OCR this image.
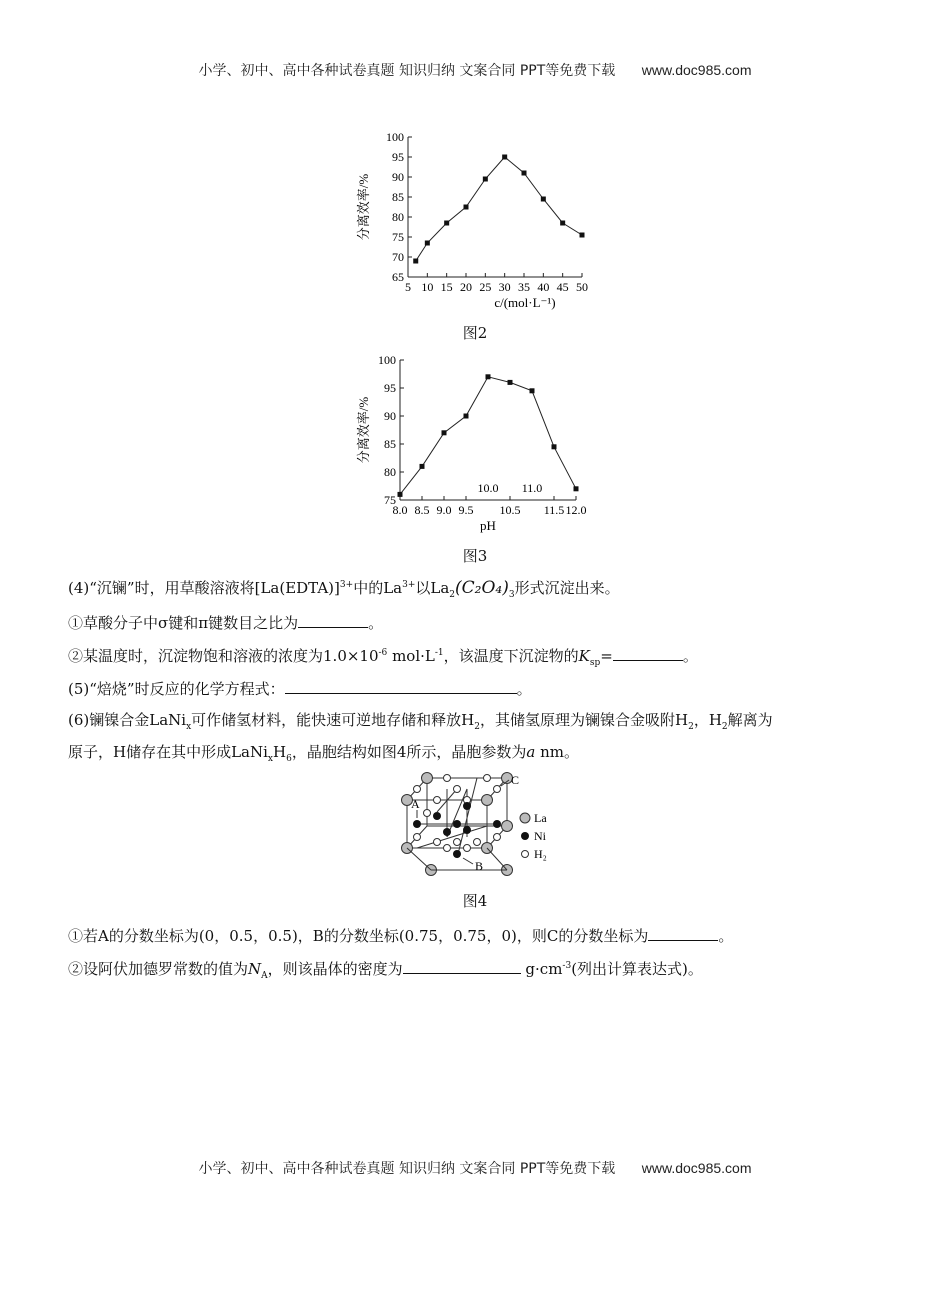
小学、初中、高中各种试卷真题 知识归纳 文案合同 PPT等免费下载 www.doc985.com
65
70
75
80
85
90
95
100
5 10 15 20 25 30 35 40 45 50
c/(mol·L⁻¹)
分离效率/%
图2
75
80
85
90
95
100
8.0 8.5 9.0 9.5 10.5 11.5 12.0
10.0 11.0
pH
分离效率/%
图3
(4)“沉镧”时，用草酸溶液将[La(EDTA)]$^{3+}$中的$La^{3+}$以$La_2(C_2O_4)_3$形式沉淀出来。
①草酸分子中σ键和π键数目之比为	。
②某温度时，沉淀物饱和溶液的浓度为$1.0\times 10^{-6}$ $mol\cdot L^{-1}$，该温度下沉淀物的$K_{sp}=$	。
(5)“焙烧”时反应的化学方程式：	。
(6)镧镍合金LaNi$_x$可作储氢材料，能快速可逆地存储和释放$H_2$，其储氢原理为镧镍合金吸附$H_2$，$H_2$解离为
原子，H储存在其中形成$LaNi_xH_6$，晶胞结构如图4所示，晶胞参数为a nm。
A
B
C
La
Ni
H₂
图4
①若A的分数坐标为(0，0.5，0.5)，B的分数坐标(0.75，0.75，0)，则C的分数坐标为	。
②设阿伏加德罗常数的值为$N_A$，则该晶体的密度为	$g\cdot cm^{-3}$(列出计算表达式)。
小学、初中、高中各种试卷真题 知识归纳 文案合同 PPT等免费下载 www.doc985.com
